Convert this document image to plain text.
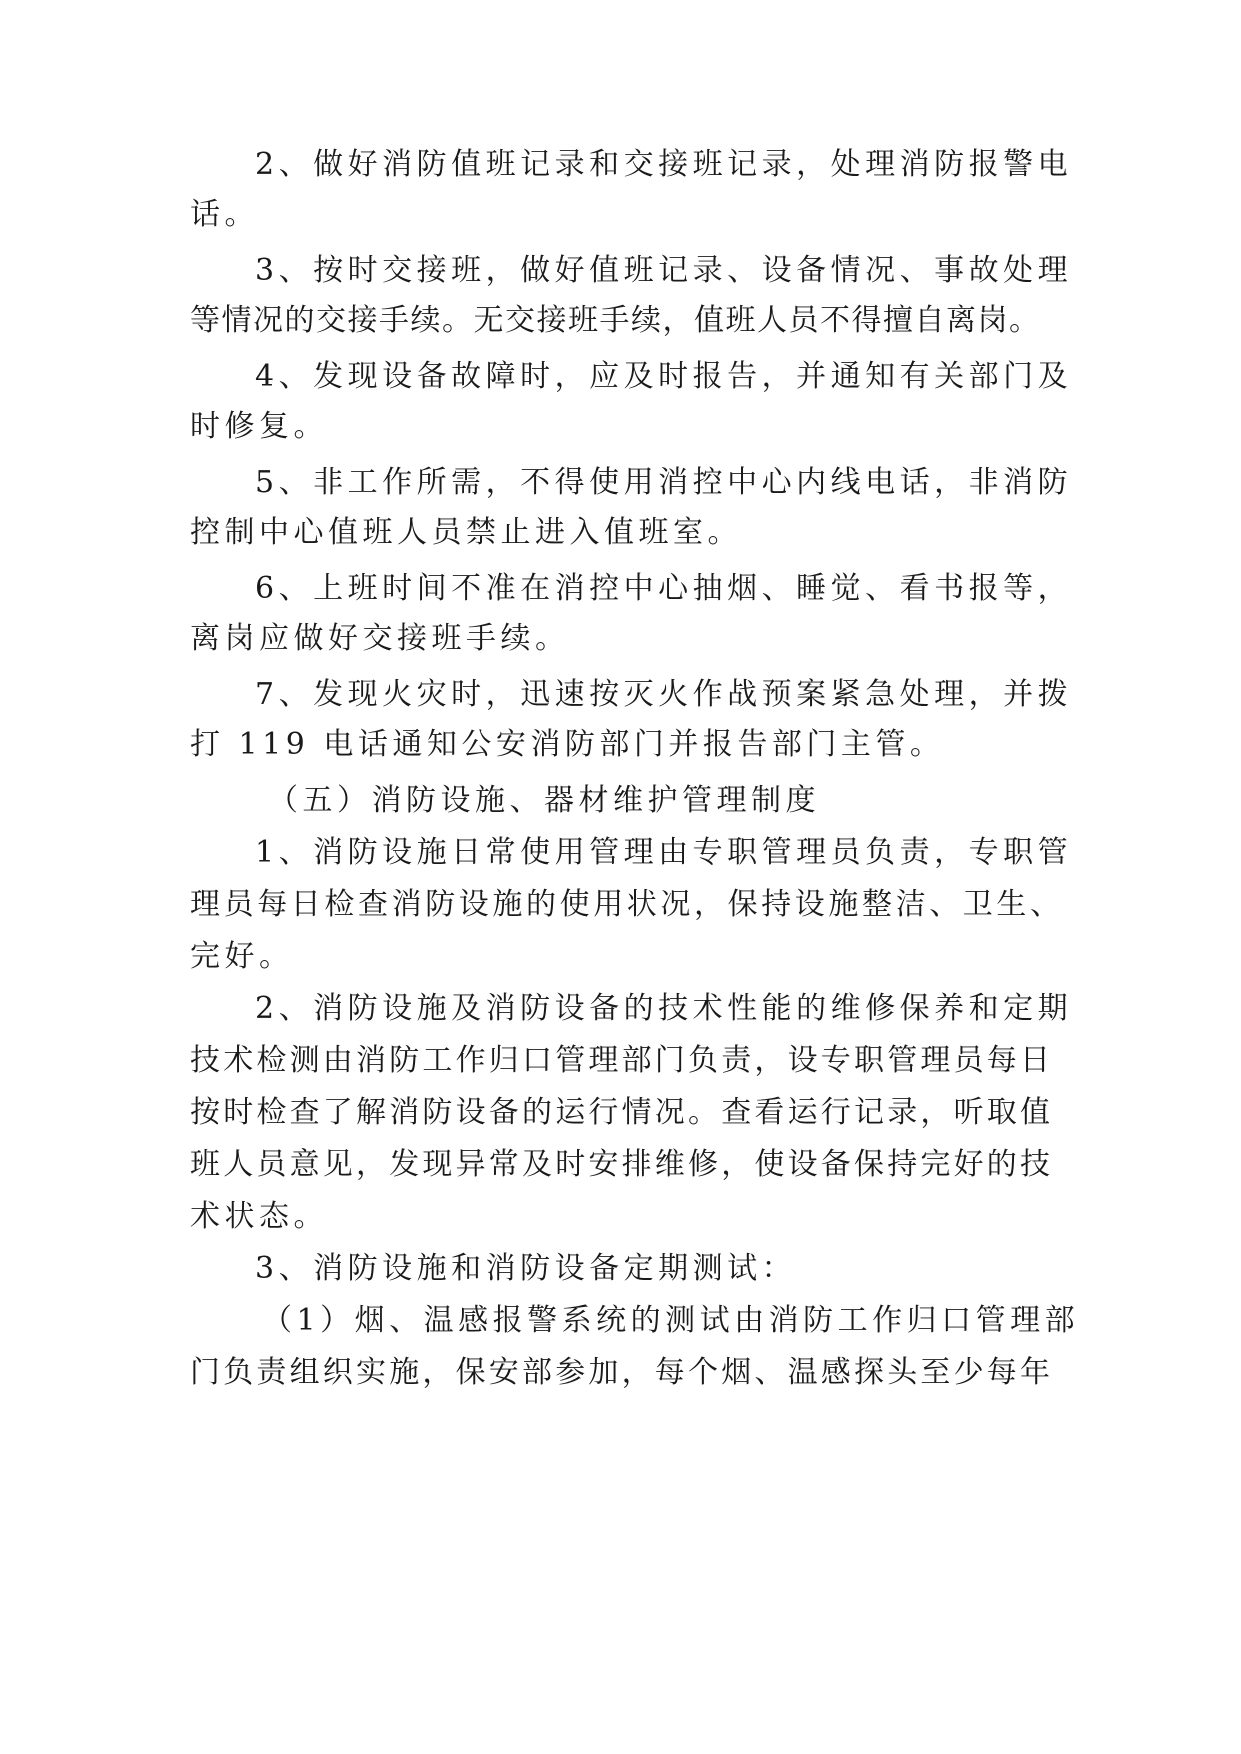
2、做好消防值班记录和交接班记录，处理消防报警电
话。
3、按时交接班，做好值班记录、设备情况、事故处理
等情况的交接手续。无交接班手续，值班人员不得擅自离岗。
4、发现设备故障时，应及时报告，并通知有关部门及
时修复。
5、非工作所需，不得使用消控中心内线电话，非消防
控制中心值班人员禁止进入值班室。
6、上班时间不准在消控中心抽烟、睡觉、看书报等，
离岗应做好交接班手续。
7、发现火灾时，迅速按灭火作战预案紧急处理，并拨
打 119 电话通知公安消防部门并报告部门主管。
（五）消防设施、器材维护管理制度
1、消防设施日常使用管理由专职管理员负责，专职管
理员每日检查消防设施的使用状况，保持设施整洁、卫生、
完好。
2、消防设施及消防设备的技术性能的维修保养和定期
技术检测由消防工作归口管理部门负责，设专职管理员每日
按时检查了解消防设备的运行情况。查看运行记录，听取值
班人员意见，发现异常及时安排维修，使设备保持完好的技
术状态。
3、消防设施和消防设备定期测试：
（1）烟、温感报警系统的测试由消防工作归口管理部
门负责组织实施，保安部参加，每个烟、温感探头至少每年
